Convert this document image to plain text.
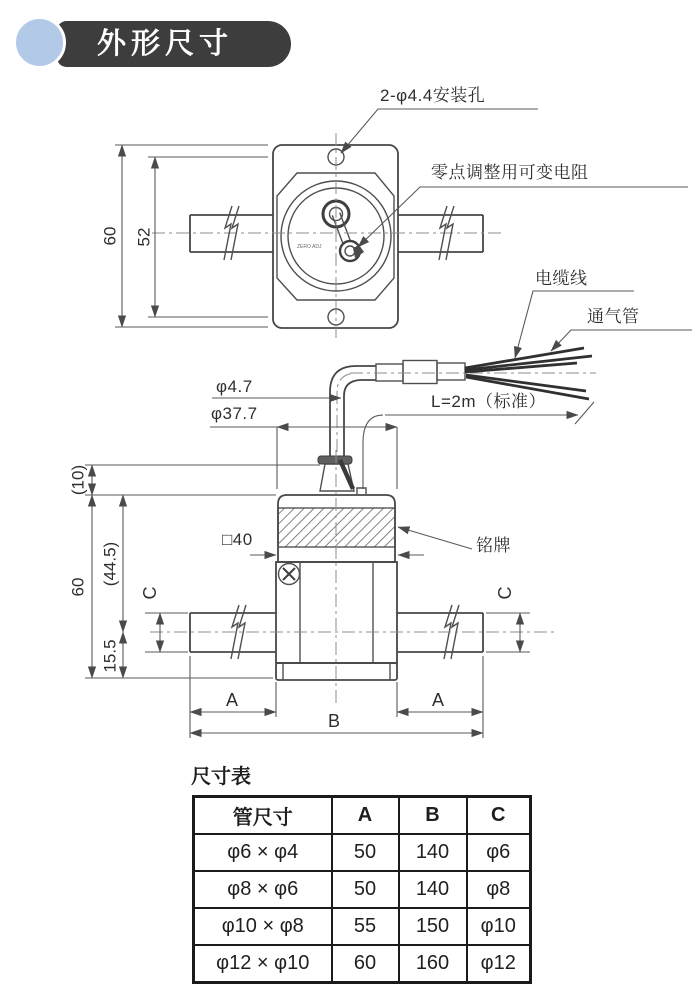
外形尺寸
2-φ4.4安装孔
零点调整用可变电阻
60 52
ZERO ADJ
电缆线
通气管
L=2m（标准）
φ4.7
φ37.7
(10)
60
(44.5)
15.5
C	C
□40	铭牌
A	A
B
尺寸表
管尺寸	A	B	C
φ6 × φ4	50	140	φ6
φ8 × φ6	50	140	φ8
φ10 × φ8	55	150	φ10
φ12 × φ10	60	160	φ12
